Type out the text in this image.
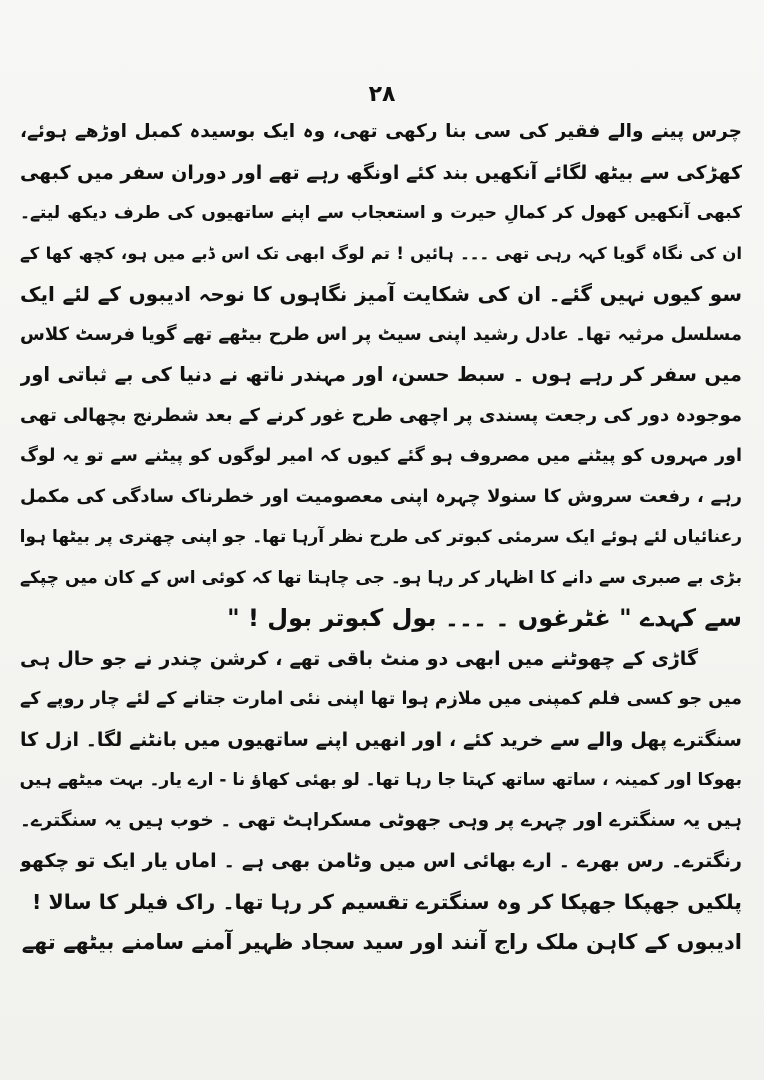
۲۸
چرس پینے والے فقیر کی سی بنا رکھی تھی، وہ ایک بوسیدہ کمبل اوڑھے ہوئے،
کھڑکی سے بیٹھ لگائے آنکھیں بند کئے اونگھ رہے تھے اور دوران سفر میں کبھی
کبھی آنکھیں کھول کر کمالِ حیرت و استعجاب سے اپنے ساتھیوں کی طرف دیکھ لیتے۔
ان کی نگاہ گویا کہہ رہی تھی ۔۔۔ ہائیں ! تم لوگ ابھی تک اس ڈبے میں ہو، کچھ کھا کے
سو کیوں نہیں گئے۔ ان کی شکایت آمیز نگاہوں کا نوحہ ادیبوں کے لئے ایک
مسلسل مرثیہ تھا۔ عادل رشید اپنی سیٹ پر اس طرح بیٹھے تھے گویا فرسٹ کلاس
میں سفر کر رہے ہوں ۔ سبط حسن، اور مہندر ناتھ نے دنیا کی بے ثباتی اور
موجودہ دور کی رجعت پسندی پر اچھی طرح غور کرنے کے بعد شطرنج بچھالی تھی
اور مہروں کو پیٹنے میں مصروف ہو گئے کیوں کہ امیر لوگوں کو پیٹنے سے تو یہ لوگ
رہے ، رفعت سروش کا سنولا چہرہ اپنی معصومیت اور خطرناک سادگی کی مکمل
رعنائیاں لئے ہوئے ایک سرمئی کبوتر کی طرح نظر آرہا تھا۔ جو اپنی چھتری پر بیٹھا ہوا
بڑی بے صبری سے دانے کا اظہار کر رہا ہو۔ جی چاہتا تھا کہ کوئی اس کے کان میں چپکے
سے کہدے " غٹرغوں ۔ ۔۔۔ بول کبوتر بول ! "
گاڑی کے چھوٹنے میں ابھی دو منٹ باقی تھے ، کرشن چندر نے جو حال ہی
میں جو کسی فلم کمپنی میں ملازم ہوا تھا اپنی نئی امارت جتانے کے لئے چار روپے کے
سنگترے پھل والے سے خرید کئے ، اور انھیں اپنے ساتھیوں میں بانٹنے لگا۔ ازل کا
بھوکا اور کمینہ ، ساتھ ساتھ کہتا جا رہا تھا۔ لو بھئی کھاؤ نا - ارے یار۔ بہت میٹھے ہیں
ہیں یہ سنگترے اور چہرے پر وہی جھوٹی مسکراہٹ تھی ۔ خوب ہیں یہ سنگترے۔
رنگترے۔ رس بھرے ۔ ارے بھائی اس میں وٹامن بھی ہے ۔ اماں یار ایک تو چکھو
پلکیں جھپکا جھپکا کر وہ سنگترے تقسیم کر رہا تھا۔ راک فیلر کا سالا !
ادیبوں کے کاہن ملک راج آنند اور سید سجاد ظہیر آمنے سامنے بیٹھے تھے
